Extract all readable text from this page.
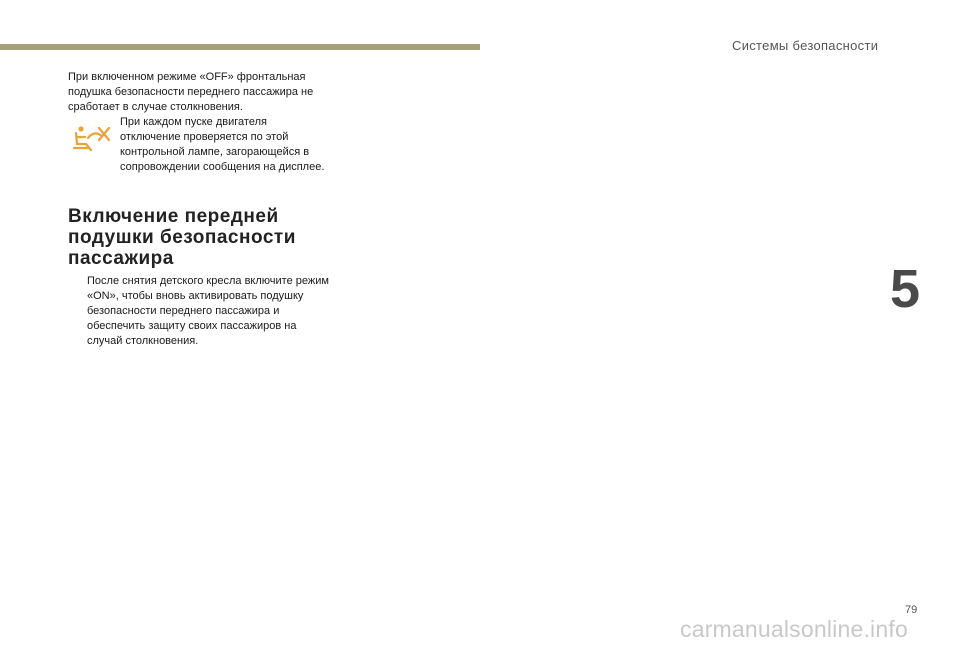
Системы безопасности
5
При включенном режиме «OFF» фронтальная подушка безопасности переднего пассажира не сработает в случае столкновения.
При каждом пуске двигателя отключение проверяется по этой контрольной лампе, загорающейся в сопровождении сообщения на дисплее.
Включение передней подушки безопасности пассажира
После снятия детского кресла включите режим «ON», чтобы вновь активировать подушку безопасности переднего пассажира и обеспечить защиту своих пассажиров на случай столкновения.
79
carmanualsonline.info
